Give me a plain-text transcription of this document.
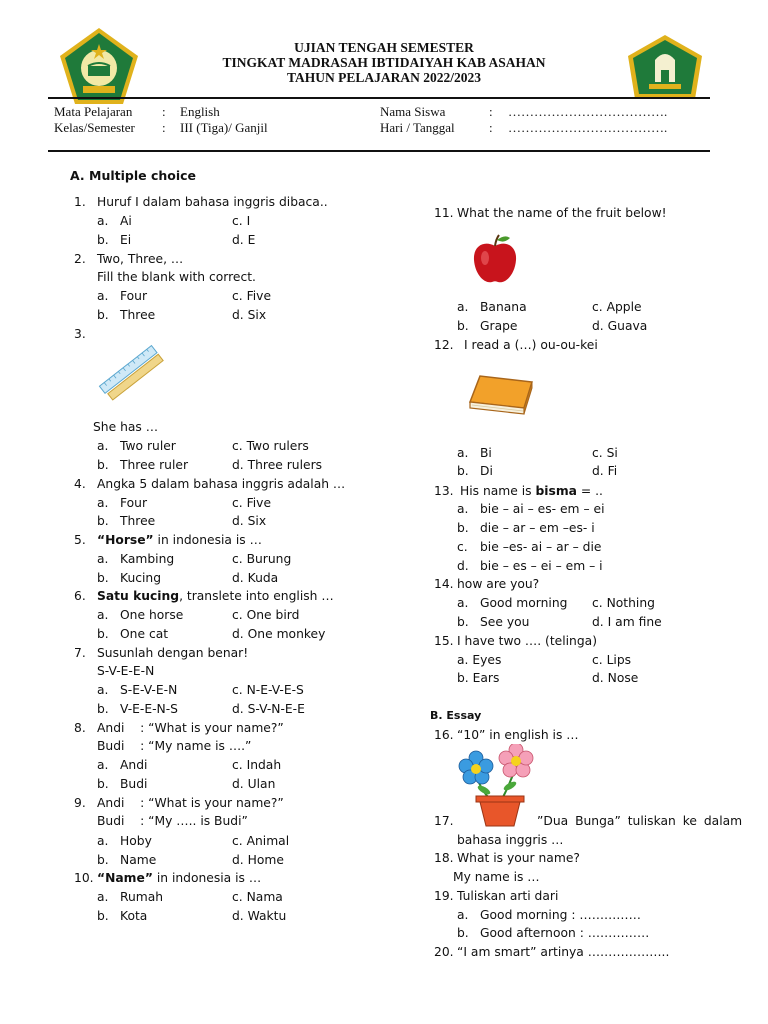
UJIAN TENGAH SEMESTER
TINGKAT MADRASAH IBTIDAIYAH KAB ASAHAN
TAHUN PELAJARAN 2022/2023
Mata Pelajaran : English
Kelas/Semester : III (Tiga)/ Ganjil
Nama Siswa	: ……………………………….
Hari / Tanggal	: ……………………………….
A. Multiple choice
1. Huruf I dalam bahasa inggris dibaca..
a. Ai	c. I
b. Ei	d. E
2. Two, Three, …
Fill the blank with correct.
a. Four	c. Five
b. Three	d. Six
3.
She has …
a. Two ruler	c. Two rulers
b. Three ruler	d. Three rulers
4. Angka 5 dalam bahasa inggris adalah …
a. Four	c. Five
b. Three	d. Six
5. “Horse” in indonesia is …
a. Kambing	c. Burung
b. Kucing	d. Kuda
6. Satu kucing, translete into english …
a. One horse	c. One bird
b. One cat	d. One monkey
7. Susunlah dengan benar!
S-V-E-E-N
a. S-E-V-E-N	c. N-E-V-E-S
b. V-E-E-N-S	d. S-V-N-E-E
8. Andi    : “What is your name?”
Budi    : “My name is ….”
a. Andi	c. Indah
b. Budi	d. Ulan
9. Andi    : “What is your name?”
Budi    : “My ….. is Budi”
a. Hoby	c. Animal
b. Name	d. Home
10. “Name” in indonesia is …
a. Rumah	c. Nama
b. Kota	d. Waktu
11. What the name of the fruit below!
a. Banana	c. Apple
b. Grape	d. Guava
12. I read a (…) ou-ou-kei
a. Bi	c. Si
b. Di	d. Fi
13. His name is bisma = ..
a. bie – ai – es- em – ei
b. die – ar – em –es- i
c. bie –es- ai – ar – die
d. bie – es – ei – em – i
14. how are you?
a. Good morning c. Nothing
b. See you	d. I am fine
15. I have two …. (telinga)
a. Eyes	c. Lips
b. Ears	d. Nose
B. Essay
16. “10” in english is …
17.	”Dua Bunga” tuliskan ke dalam
bahasa inggris …
18. What is your name?
My name is …
19. Tuliskan arti dari
a. Good morning : ……………
b. Good afternoon : ……………
20. “I am smart” artinya ………………..
